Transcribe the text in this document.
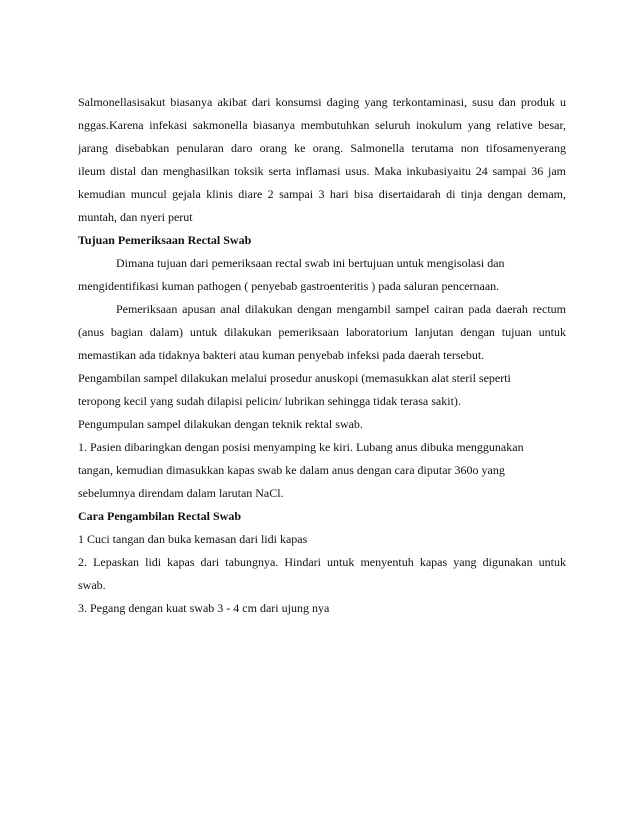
Salmonellasisakut biasanya akibat dari konsumsi daging yang terkontaminasi, susu dan produk u
nggas.Karena infekasi sakmonella biasanya membutuhkan seluruh inokulum yang relative besar,
jarang disebabkan penularan daro orang ke orang. Salmonella terutama non tifosamenyerang
ileum distal dan menghasilkan toksik serta inflamasi usus. Maka inkubasiyaitu 24 sampai 36 jam
kemudian muncul gejala klinis diare 2 sampai 3 hari bisa disertaidarah di tinja dengan demam,
muntah, dan nyeri perut
Tujuan Pemeriksaan Rectal Swab
Dimana tujuan dari pemeriksaan rectal swab ini bertujuan untuk mengisolasi dan
mengidentifikasi kuman pathogen ( penyebab gastroenteritis ) pada saluran pencernaan.
Pemeriksaan apusan anal dilakukan dengan mengambil sampel cairan pada daerah rectum
(anus bagian dalam) untuk dilakukan pemeriksaan laboratorium lanjutan dengan tujuan untuk
memastikan ada tidaknya bakteri atau kuman penyebab infeksi pada daerah tersebut.
Pengambilan sampel dilakukan melalui prosedur anuskopi (memasukkan alat steril seperti
teropong kecil yang sudah dilapisi pelicin/ lubrikan sehingga tidak terasa sakit).
Pengumpulan sampel dilakukan dengan teknik rektal swab.
1. Pasien dibaringkan dengan posisi menyamping ke kiri. Lubang anus dibuka menggunakan
tangan, kemudian dimasukkan kapas swab ke dalam anus dengan cara diputar 360o yang
sebelumnya direndam dalam larutan NaCl.
Cara Pengambilan Rectal Swab
1 Cuci tangan dan buka kemasan dari lidi kapas
2. Lepaskan lidi kapas dari tabungnya. Hindari untuk menyentuh kapas yang digunakan untuk
swab.
3. Pegang dengan kuat swab 3 - 4 cm dari ujung nya
